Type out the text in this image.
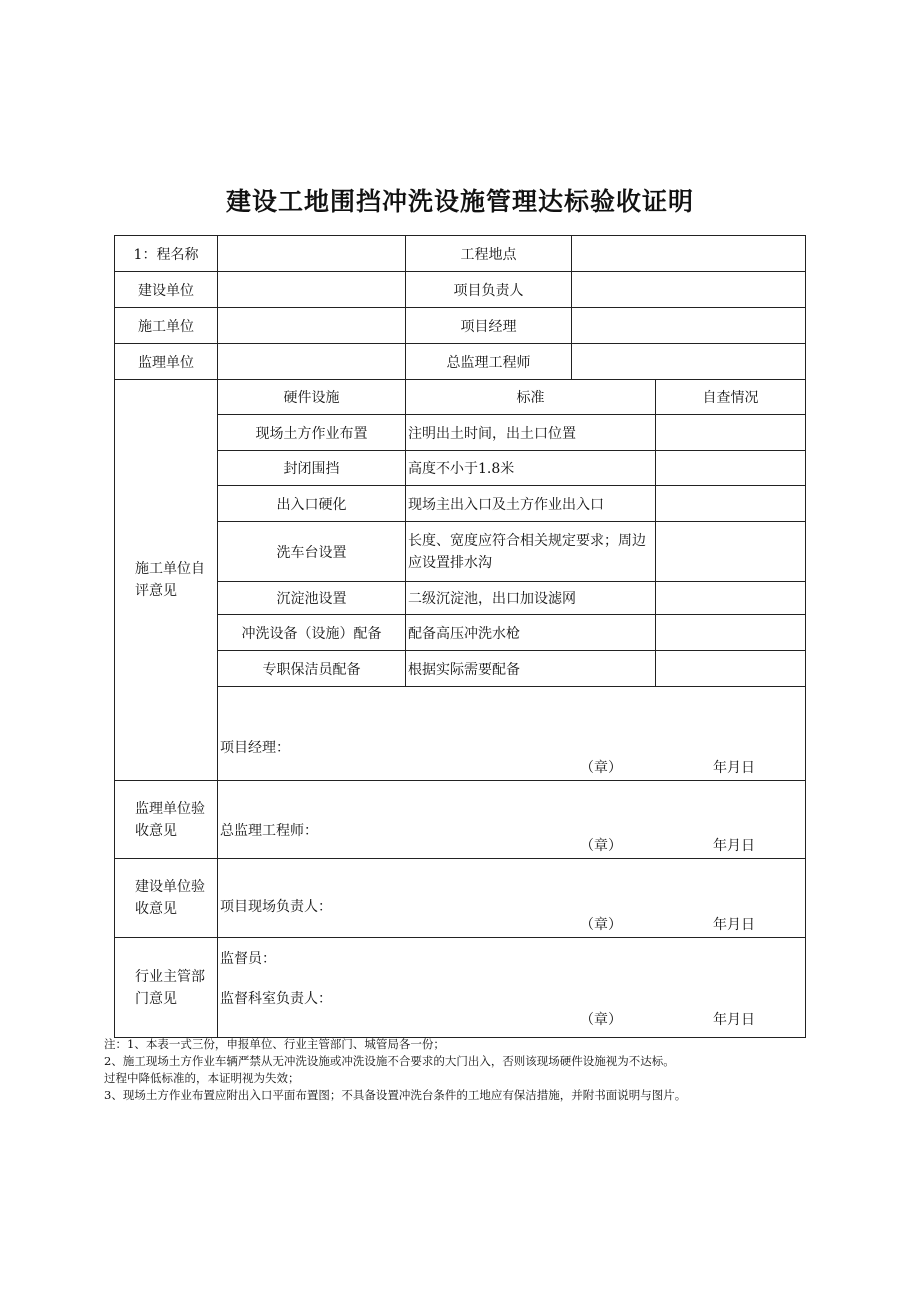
建设工地围挡冲洗设施管理达标验收证明
1：程名称		工程地点		
建设单位		项目负责人		
施工单位		项目经理		
监理单位		总监理工程师		
施工单位自评意见	硬件设施	标准		自查情况
	现场土方作业布置	注明出土时间，出土口位置		
	封闭围挡	高度不小于1.8米		
	出入口硬化	现场主出入口及土方作业出入口		
	洗车台设置	长度、宽度应符合相关规定要求；周边应设置排水沟		
	沉淀池设置	二级沉淀池，出口加设滤网		
	冲洗设备（设施）配备	配备高压冲洗水枪		
	专职保洁员配备	根据实际需要配备		

	项目经理：
（章） 年月日			

监理单位验收意见	总监理工程师：
（章） 年月日			

建设单位验收意见	项目现场负责人：
（章） 年月日			

行业主管部门意见	监督员：
监督科室负责人：
（章） 年月日			
注：1、本表一式三份，申报单位、行业主管部门、城管局各一份；
2、施工现场土方作业车辆严禁从无冲洗设施或冲洗设施不合要求的大门出入，否则该现场硬件设施视为不达标。
过程中降低标准的，本证明视为失效；
3、现场土方作业布置应附出入口平面布置图；不具备设置冲洗台条件的工地应有保洁措施，并附书面说明与图片。
